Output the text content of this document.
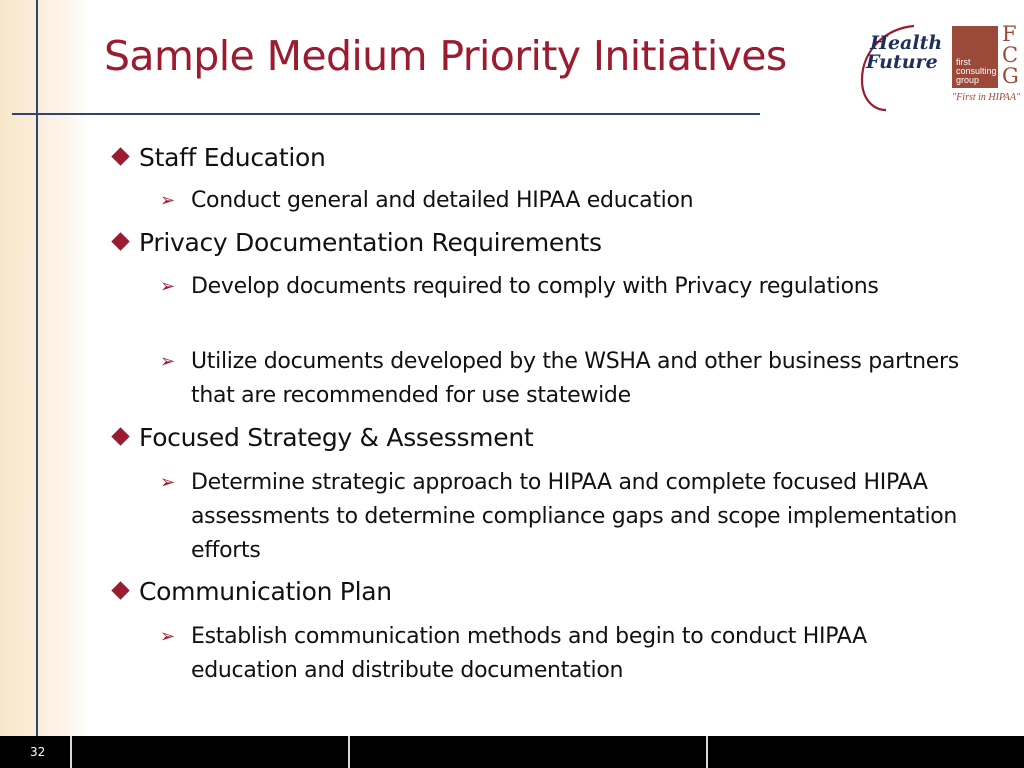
Sample Medium Priority Initiatives	Health
Future first
consulting
group
F
C
G
"First in HIPAA"
Staff Education
➢ Conduct general and detailed HIPAA education
Privacy Documentation Requirements
➢ Develop documents required to comply with Privacy regulations
➢ Utilize documents developed by the WSHA and other business partners that are recommended for use statewide
Focused Strategy & Assessment
➢ Determine strategic approach to HIPAA and complete focused HIPAA assessments to determine compliance gaps and scope implementation efforts
Communication Plan
➢ Establish communication methods and begin to conduct HIPAA education and distribute documentation
32
